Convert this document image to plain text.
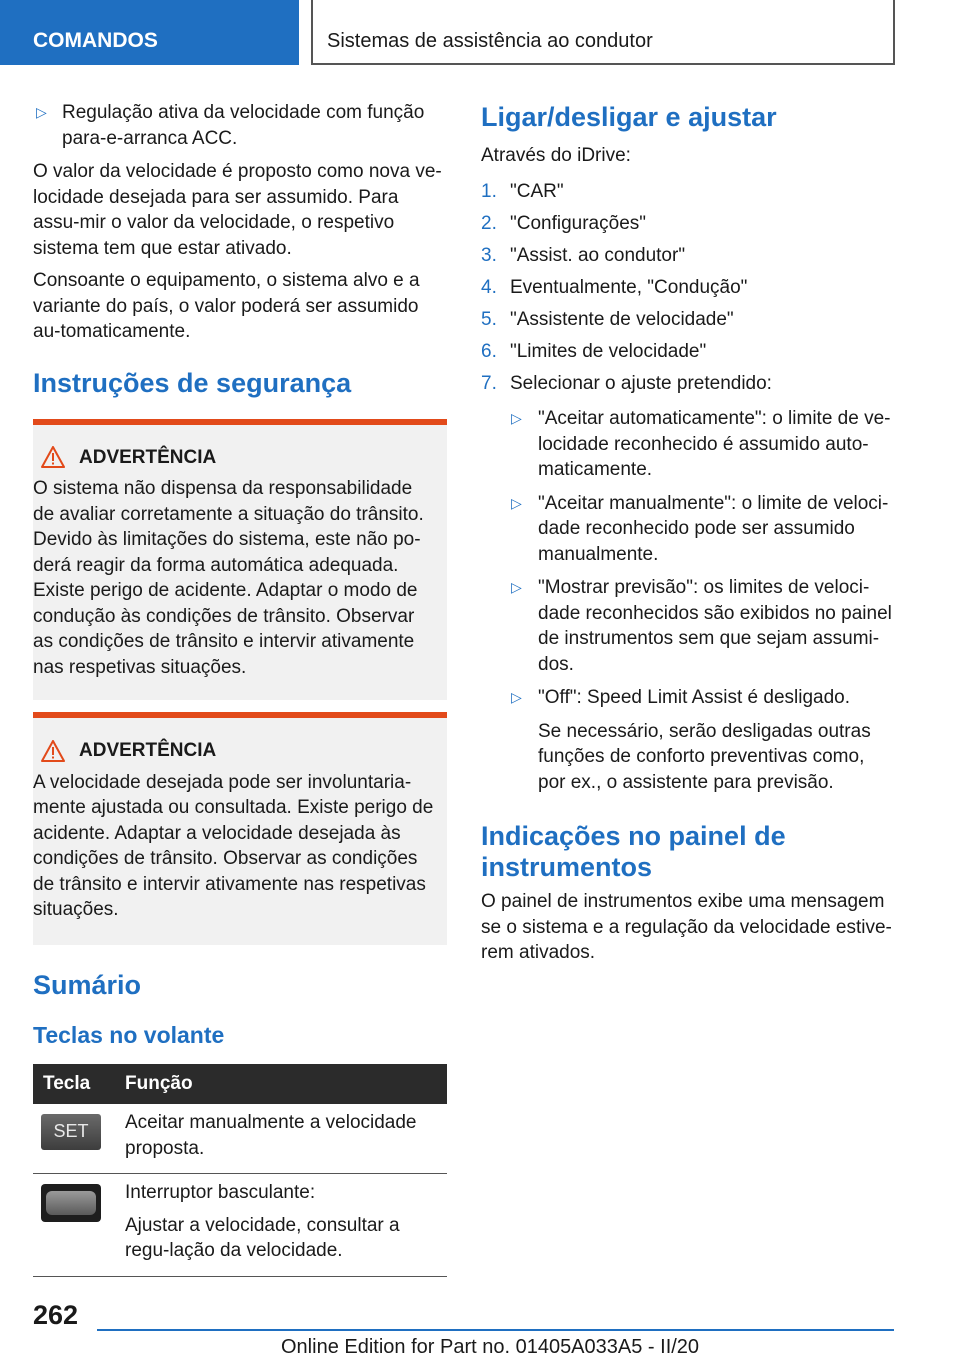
COMANDOS	Sistemas de assistência ao condutor
▷ Regulação ativa da velocidade com função para-e-arranca ACC.

O valor da velocidade é proposto como nova ve-locidade desejada para ser assumido. Para assu-mir o valor da velocidade, o respetivo sistema tem que estar ativado.

Consoante o equipamento, o sistema alvo e a variante do país, o valor poderá ser assumido au-tomaticamente.

Instruções de segurança
ADVERTÊNCIA
O sistema não dispensa da responsabilidade de avaliar corretamente a situação do trânsito. Devido às limitações do sistema, este não po-derá reagir da forma automática adequada. Existe perigo de acidente. Adaptar o modo de condução às condições de trânsito. Observar as condições de trânsito e intervir ativamente nas respetivas situações.
ADVERTÊNCIA
A velocidade desejada pode ser involuntaria-mente ajustada ou consultada. Existe perigo de acidente. Adaptar a velocidade desejada às condições de trânsito. Observar as condições de trânsito e intervir ativamente nas respetivas situações.
Sumário
Teclas no volante
Tecla	Função

SET	Aceitar manualmente a velocidade proposta.

	Interruptor basculante:
Ajustar a velocidade, consultar a regu-lação da velocidade.
Ligar/desligar e ajustar

Através do iDrive:

1. "CAR"
2. "Configurações"
3. "Assist. ao condutor"
4. Eventualmente, "Condução"
5. "Assistente de velocidade"
6. "Limites de velocidade"
7. Selecionar o ajuste pretendido:
▷ "Aceitar automaticamente": o limite de ve-locidade reconhecido é assumido auto-maticamente.
▷ "Aceitar manualmente": o limite de veloci-dade reconhecido pode ser assumido manualmente.
▷ "Mostrar previsão": os limites de veloci-dade reconhecidos são exibidos no painel de instrumentos sem que sejam assumi-dos.
▷ "Off": Speed Limit Assist é desligado.
Se necessário, serão desligadas outras funções de conforto preventivas como, por ex., o assistente para previsão.
Indicações no painel de instrumentos

O painel de instrumentos exibe uma mensagem se o sistema e a regulação da velocidade estive-rem ativados.

262
Online Edition for Part no. 01405A033A5 - II/20
